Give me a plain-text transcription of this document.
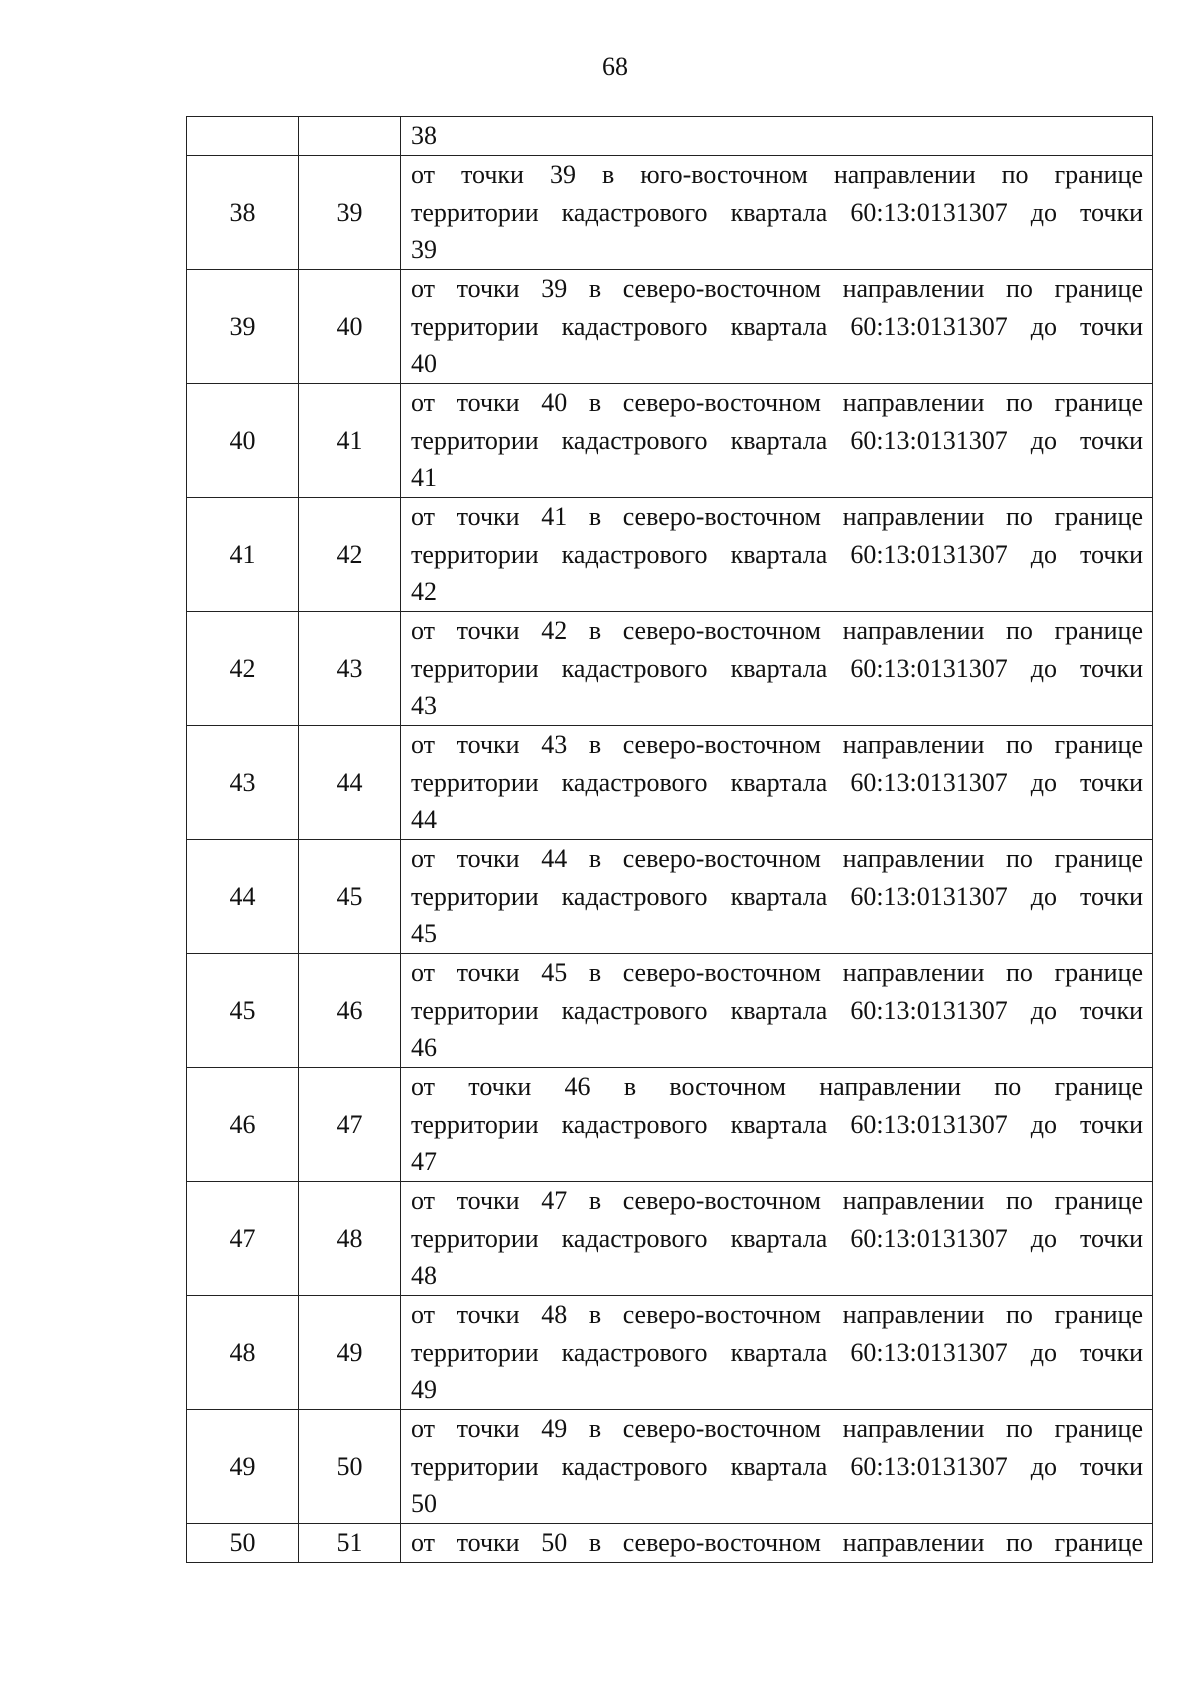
68

		38

38	39	от точки 39 в юго-восточном направлении по границе
территории кадастрового квартала 60:13:0131307 до точки
39

39	40	от точки 39 в северо-восточном направлении по границе
территории кадастрового квартала 60:13:0131307 до точки
40

40	41	от точки 40 в северо-восточном направлении по границе
территории кадастрового квартала 60:13:0131307 до точки
41

41	42	от точки 41 в северо-восточном направлении по границе
территории кадастрового квартала 60:13:0131307 до точки
42

42	43	от точки 42 в северо-восточном направлении по границе
территории кадастрового квартала 60:13:0131307 до точки
43

43	44	от точки 43 в северо-восточном направлении по границе
территории кадастрового квартала 60:13:0131307 до точки
44

44	45	от точки 44 в северо-восточном направлении по границе
территории кадастрового квартала 60:13:0131307 до точки
45

45	46	от точки 45 в северо-восточном направлении по границе
территории кадастрового квартала 60:13:0131307 до точки
46

46	47	от точки 46 в восточном направлении по границе
территории кадастрового квартала 60:13:0131307 до точки
47

47	48	от точки 47 в северо-восточном направлении по границе
территории кадастрового квартала 60:13:0131307 до точки
48

48	49	от точки 48 в северо-восточном направлении по границе
территории кадастрового квартала 60:13:0131307 до точки
49

49	50	от точки 49 в северо-восточном направлении по границе
территории кадастрового квартала 60:13:0131307 до точки
50

50	51	от точки 50 в северо-восточном направлении по границе
